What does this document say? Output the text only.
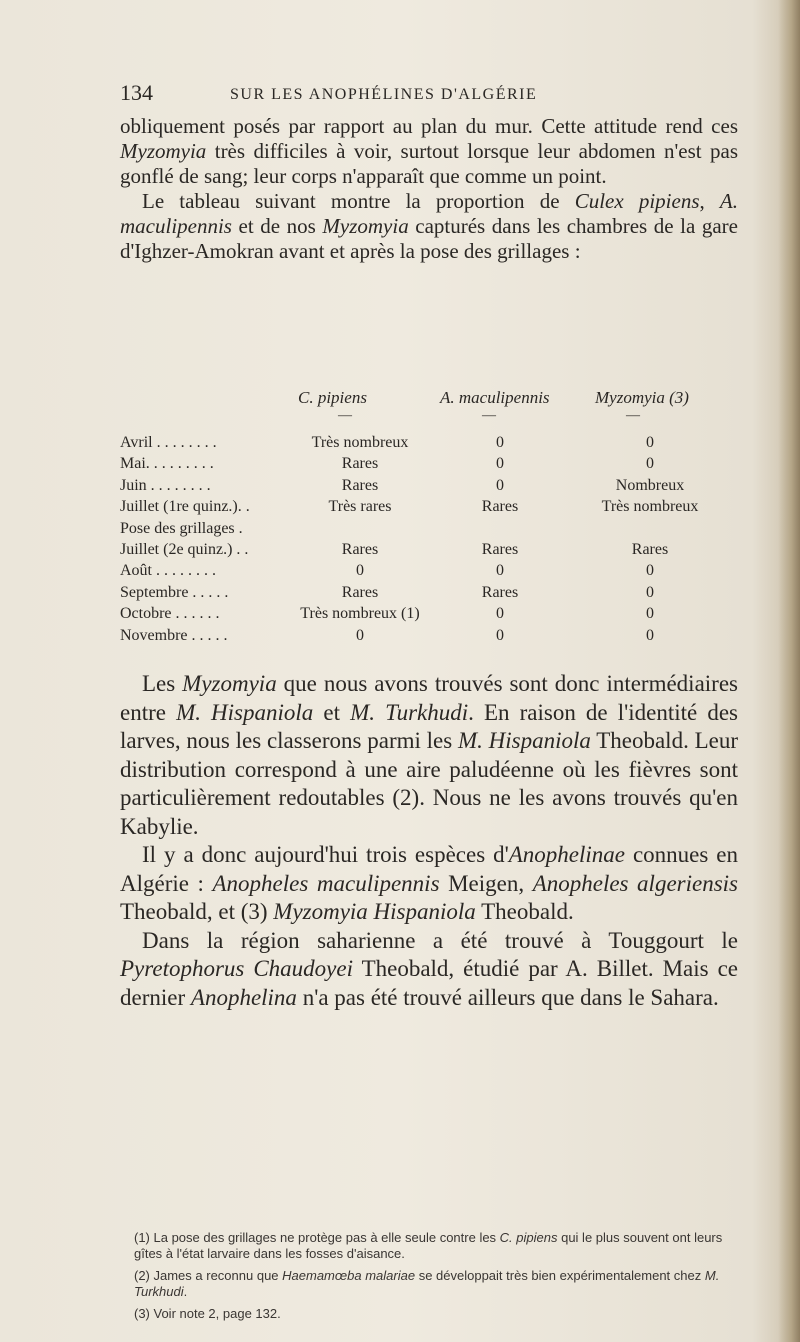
134	SUR LES ANOPHÉLINES D'ALGÉRIE

obliquement posés par rapport au plan du mur. Cette attitude rend ces Myzomyia très difficiles à voir, surtout lorsque leur abdomen n'est pas gonflé de sang; leur corps n'apparaît que comme un point.

Le tableau suivant montre la proportion de Culex pipiens, A. maculipennis et de nos Myzomyia capturés dans les chambres de la gare d'Ighzer-Amokran avant et après la pose des grillages :

C. pipiens	A. maculipennis	Myzomyia (3)
—	—	—
Avril . . . . . . . .	Très nombreux	0	0
Mai. . . . . . . . .	Rares	0	0
Juin . . . . . . . .	Rares	0	Nombreux
Juillet (1re quinz.). .	Très rares	Rares	Très nombreux
Pose des grillages .
Juillet (2e quinz.) . .	Rares	Rares	Rares
Août . . . . . . . .	0	0	0
Septembre . . . . .	Rares	Rares	0
Octobre . . . . . .	Très nombreux (1)	0	0
Novembre . . . . .	0	0	0

Les Myzomyia que nous avons trouvés sont donc intermédiaires entre M. Hispaniola et M. Turkhudi. En raison de l'identité des larves, nous les classerons parmi les M. Hispaniola Theobald. Leur distribution correspond à une aire paludéenne où les fièvres sont particulièrement redoutables (2). Nous ne les avons trouvés qu'en Kabylie.

Il y a donc aujourd'hui trois espèces d'Anophelinae connues en Algérie : Anopheles maculipennis Meigen, Anopheles algeriensis Theobald, et (3) Myzomyia Hispaniola Theobald.

Dans la région saharienne a été trouvé à Touggourt le Pyretophorus Chaudoyei Theobald, étudié par A. Billet. Mais ce dernier Anophelina n'a pas été trouvé ailleurs que dans le Sahara.

(1) La pose des grillages ne protège pas à elle seule contre les C. pipiens qui le plus souvent ont leurs gîtes à l'état larvaire dans les fosses d'aisance.

(2) James a reconnu que Haemamœba malariae se développait très bien expérimentalement chez M. Turkhudi.

(3) Voir note 2, page 132.
